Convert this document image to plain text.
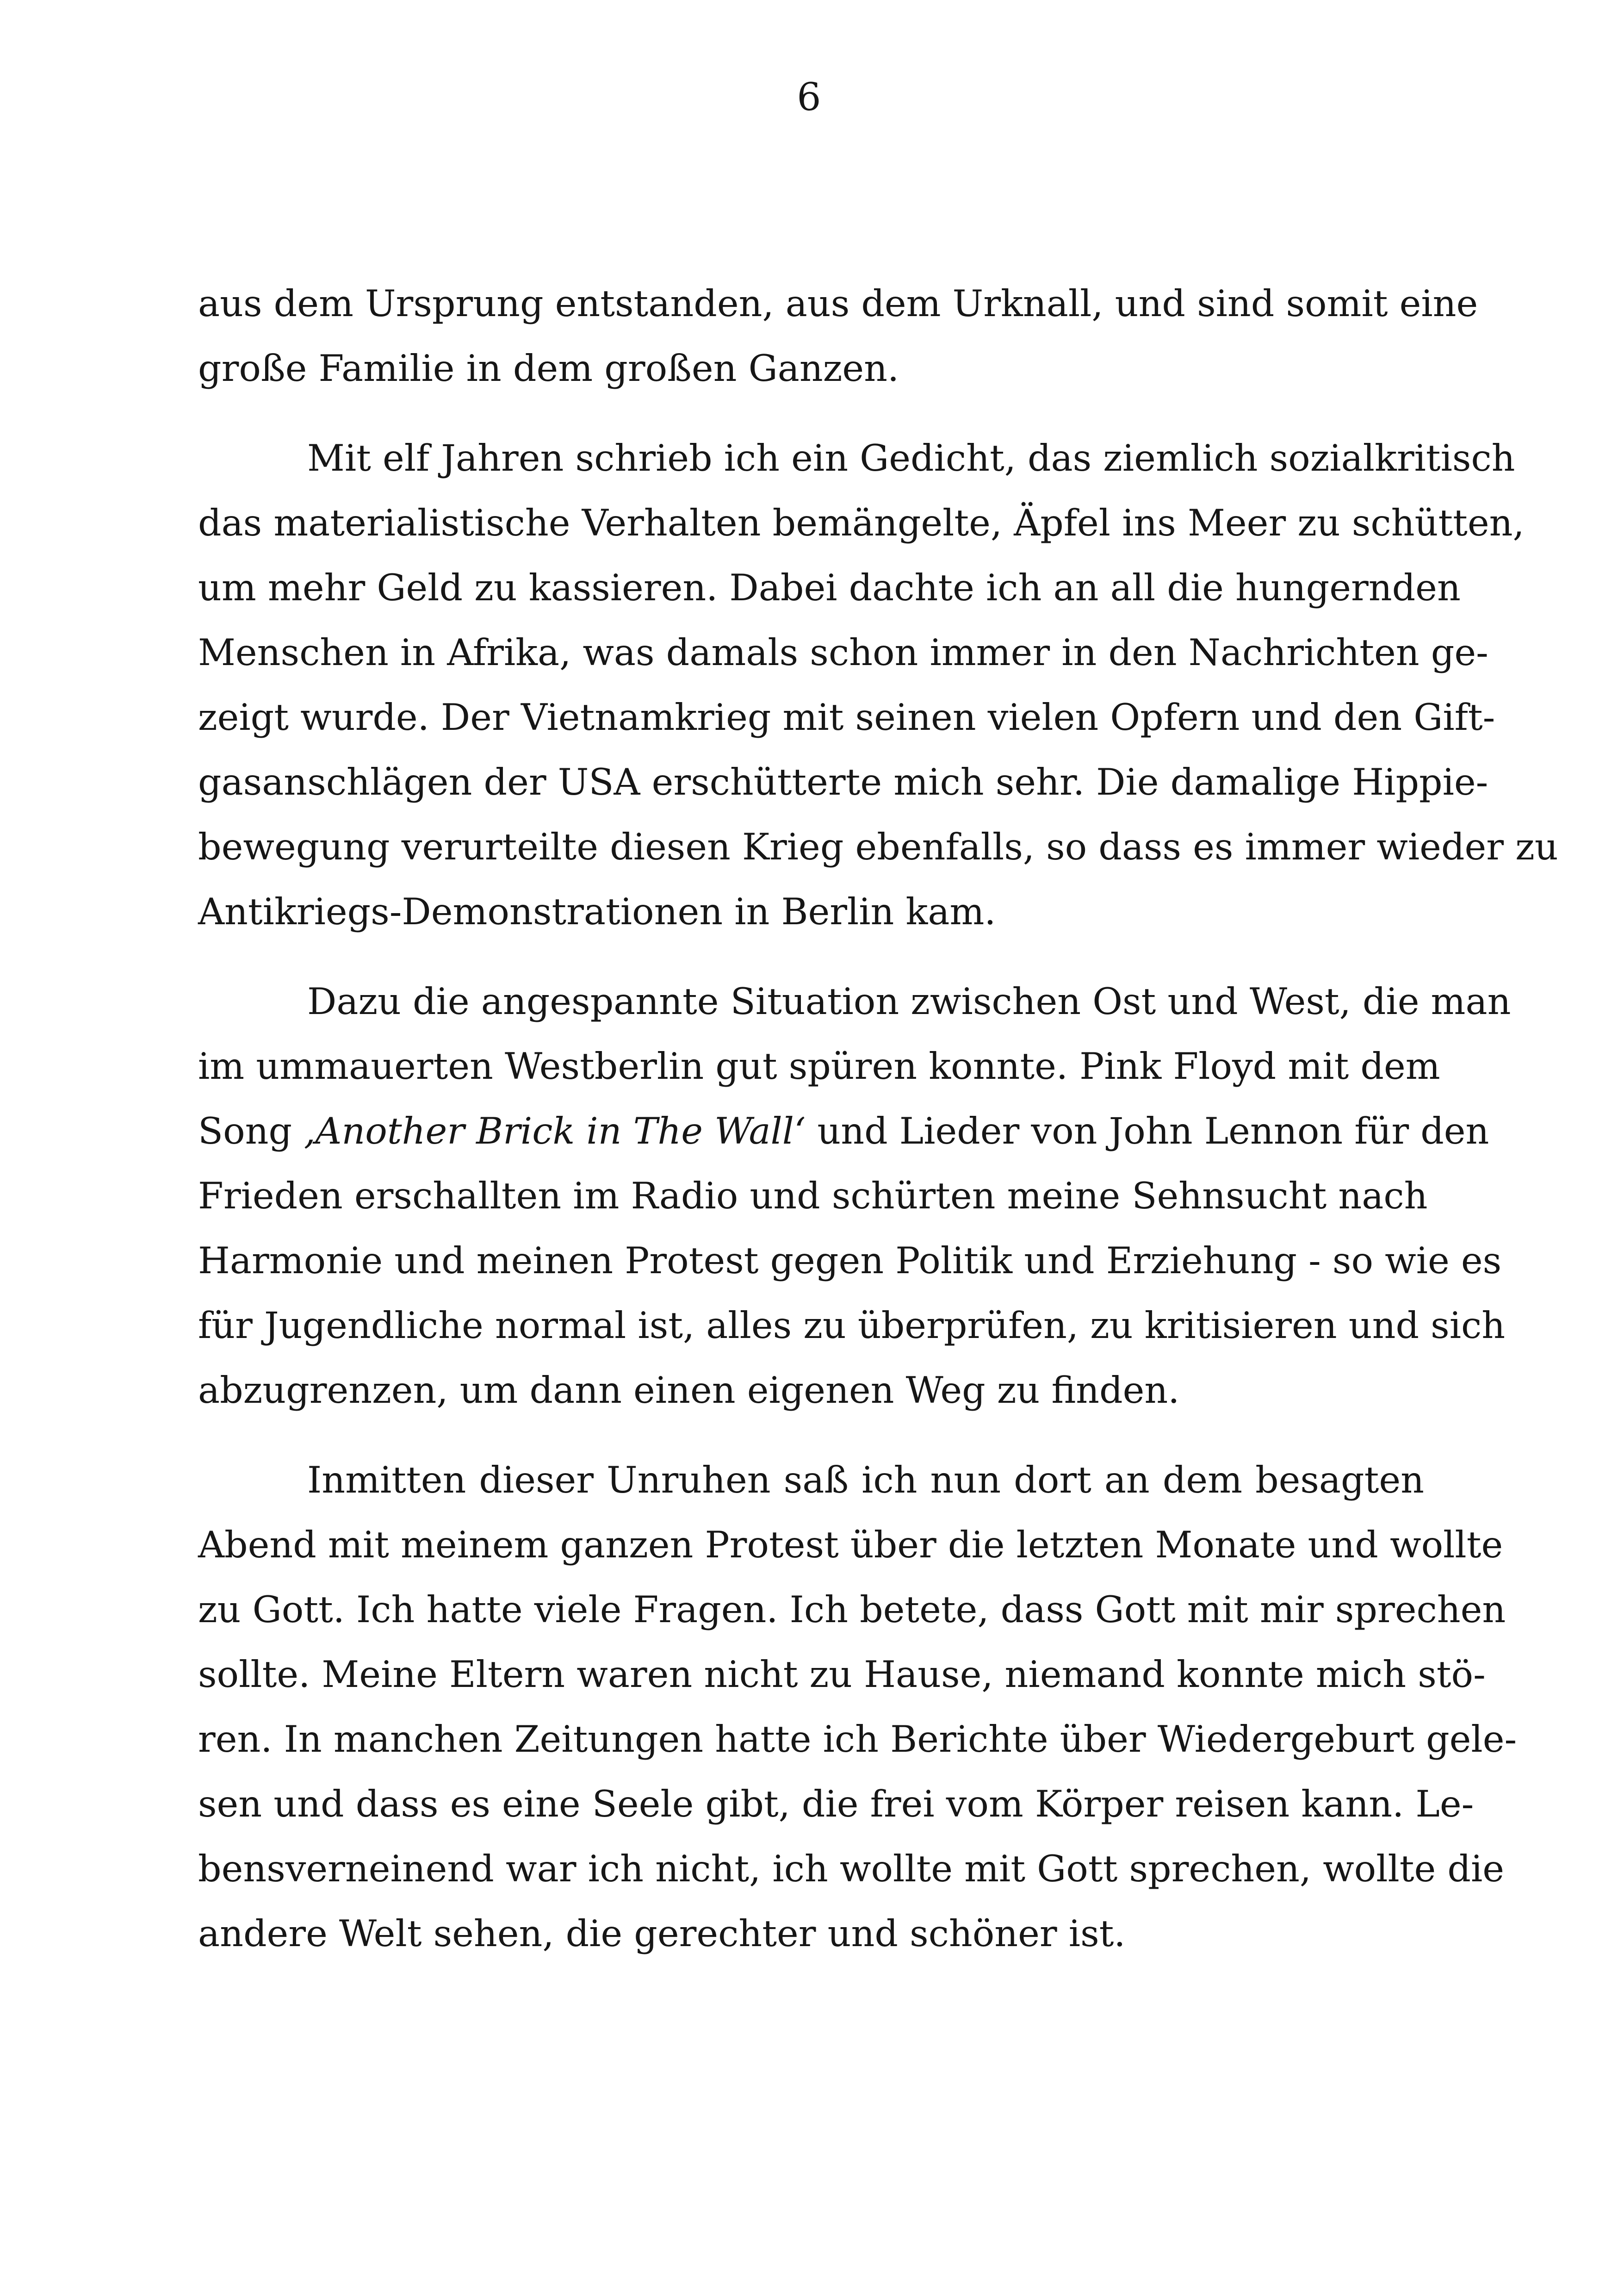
6
aus dem Ursprung entstanden, aus dem Urknall, und sind somit eine
große Familie in dem großen Ganzen.
Mit elf Jahren schrieb ich ein Gedicht, das ziemlich sozialkritisch
das materialistische Verhalten bemängelte, Äpfel ins Meer zu schütten,
um mehr Geld zu kassieren. Dabei dachte ich an all die hungernden
Menschen in Afrika, was damals schon immer in den Nachrichten ge-
zeigt wurde. Der Vietnamkrieg mit seinen vielen Opfern und den Gift-
gasanschlägen der USA erschütterte mich sehr. Die damalige Hippie-
bewegung verurteilte diesen Krieg ebenfalls, so dass es immer wieder zu
Antikriegs-Demonstrationen in Berlin kam.
Dazu die angespannte Situation zwischen Ost und West, die man
im ummauerten Westberlin gut spüren konnte. Pink Floyd mit dem
Song ‚Another Brick in The Wall‘ und Lieder von John Lennon für den
Frieden erschallten im Radio und schürten meine Sehnsucht nach
Harmonie und meinen Protest gegen Politik und Erziehung - so wie es
für Jugendliche normal ist, alles zu überprüfen, zu kritisieren und sich
abzugrenzen, um dann einen eigenen Weg zu finden.
Inmitten dieser Unruhen saß ich nun dort an dem besagten
Abend mit meinem ganzen Protest über die letzten Monate und wollte
zu Gott. Ich hatte viele Fragen. Ich betete, dass Gott mit mir sprechen
sollte. Meine Eltern waren nicht zu Hause, niemand konnte mich stö-
ren. In manchen Zeitungen hatte ich Berichte über Wiedergeburt gele-
sen und dass es eine Seele gibt, die frei vom Körper reisen kann. Le-
bensverneinend war ich nicht, ich wollte mit Gott sprechen, wollte die
andere Welt sehen, die gerechter und schöner ist.
